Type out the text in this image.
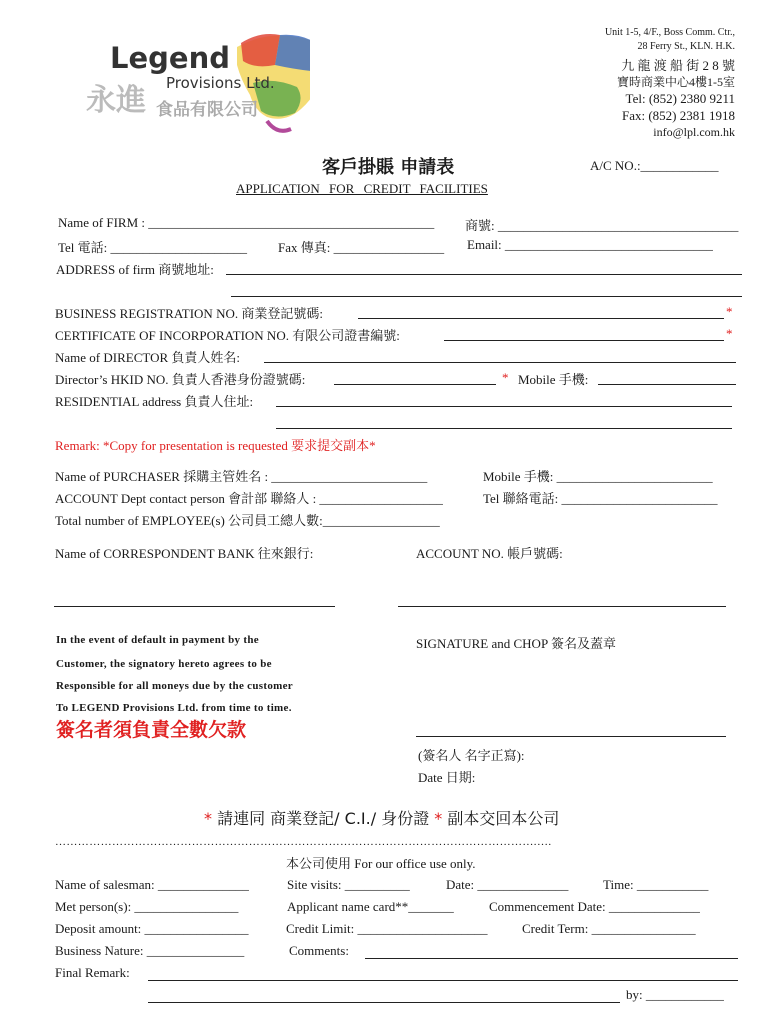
Legend
Provisions Ltd.
永進 食品有限公司
Unit 1-5, 4/F., Boss Comm. Ctr.,
28 Ferry St., KLN. H.K.
九 龍 渡 船 街 2 8 號
寶時商業中心4樓1-5室
Tel: (852) 2380 9211
Fax: (852) 2381 1918
info@lpl.com.hk
客戶掛賬 申請表	A/C NO.:____________
APPLICATION FOR CREDIT FACILITIES
Name of FIRM : ____________________________________________ 商號: _____________________________________
Tel 電話: _____________________ Fax 傳真: _________________ Email: ________________________________
ADDRESS of firm 商號地址:
BUSINESS REGISTRATION NO. 商業登記號碼:	*
CERTIFICATE OF INCORPORATION NO. 有限公司證書編號:	*
Name of DIRECTOR 負責人姓名:
Director’s HKID NO. 負責人香港身份證號碼:	* Mobile 手機:
RESIDENTIAL address 負責人住址:
Remark: *Copy for presentation is requested 要求提交副本*
Name of PURCHASER 採購主管姓名 : ________________________	Mobile 手機: ________________________
ACCOUNT Dept contact person 會計部 聯絡人 : ___________________	Tel 聯絡電話: ________________________
Total number of EMPLOYEE(s) 公司員工總人數:__________________
Name of CORRESPONDENT BANK 往來銀行:	ACCOUNT NO. 帳戶號碼:
In the event of default in payment by the
Customer, the signatory hereto agrees to be
Responsible for all moneys due by the customer
To LEGEND Provisions Ltd. from time to time.
簽名者須負責全數欠款
SIGNATURE and CHOP 簽名及蓋章
(簽名人 名字正寫):
Date 日期:
* 請連同 商業登記/ C.I./ 身份證 * 副本交回本公司
……………………………………………………………………………………………………………….….
本公司使用 For our office use only.
Name of salesman: ______________	Site visits: __________	Date: ______________	Time: ___________
Met person(s): ________________	Applicant name card**_______	Commencement Date: ______________
Deposit amount: ________________	Credit Limit: ____________________	Credit Term: ________________
Business Nature: _______________	Comments:
Final Remark:
by: ____________
